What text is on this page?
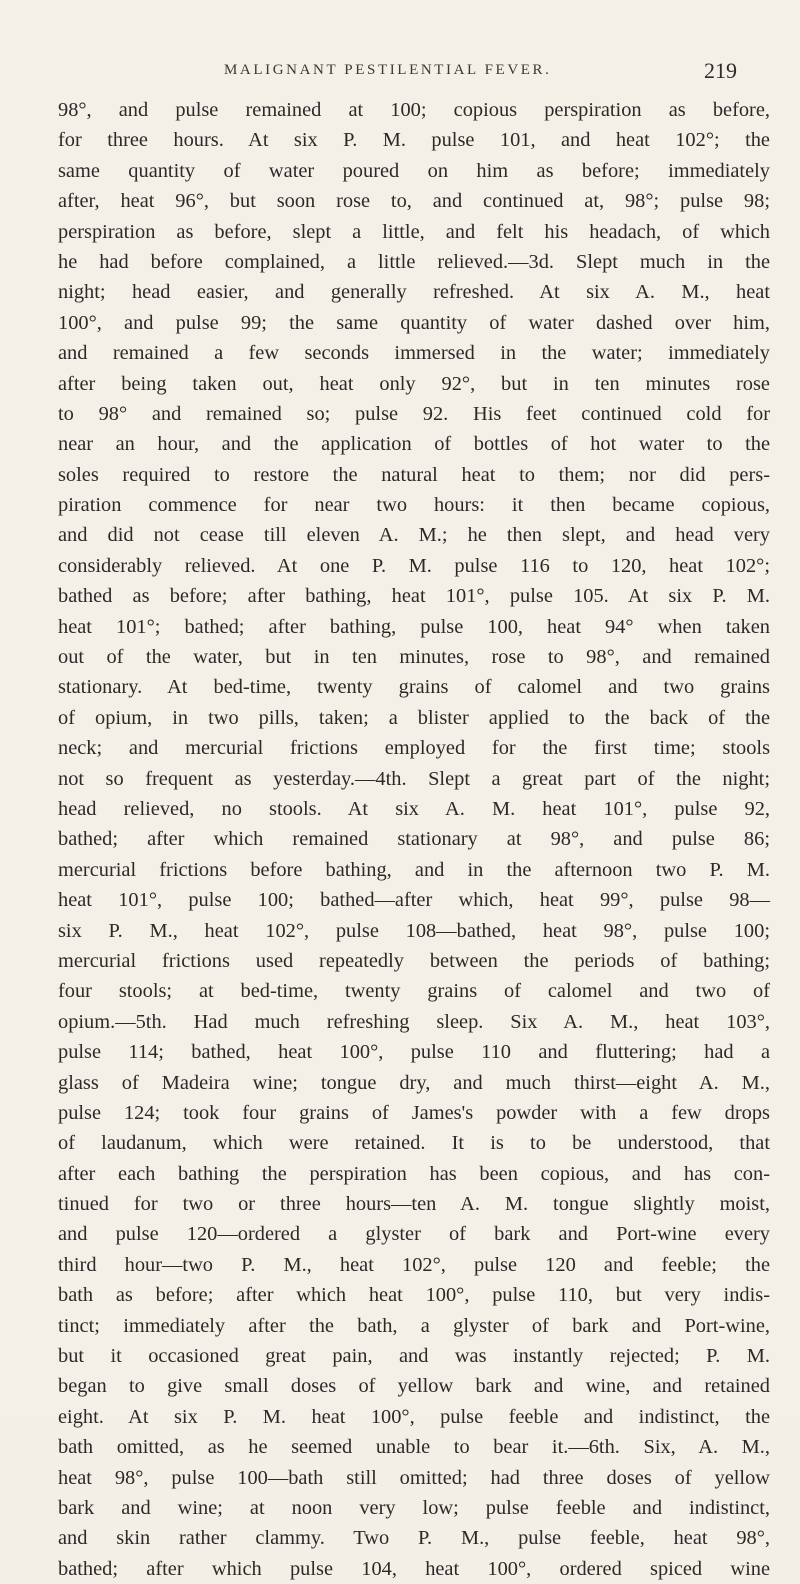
MALIGNANT PESTILENTIAL FEVER.	219
98°, and pulse remained at 100; copious perspiration as before,
for three hours. At six P. M. pulse 101, and heat 102°; the
same quantity of water poured on him as before; immediately
after, heat 96°, but soon rose to, and continued at, 98°; pulse 98;
perspiration as before, slept a little, and felt his headach, of which
he had before complained, a little relieved.—3d. Slept much in the
night; head easier, and generally refreshed. At six A. M., heat
100°, and pulse 99; the same quantity of water dashed over him,
and remained a few seconds immersed in the water; immediately
after being taken out, heat only 92°, but in ten minutes rose
to 98° and remained so; pulse 92. His feet continued cold for
near an hour, and the application of bottles of hot water to the
soles required to restore the natural heat to them; nor did pers-
piration commence for near two hours: it then became copious,
and did not cease till eleven A. M.; he then slept, and head very
considerably relieved. At one P. M. pulse 116 to 120, heat 102°;
bathed as before; after bathing, heat 101°, pulse 105. At six P. M.
heat 101°; bathed; after bathing, pulse 100, heat 94° when taken
out of the water, but in ten minutes, rose to 98°, and remained
stationary. At bed-time, twenty grains of calomel and two grains
of opium, in two pills, taken; a blister applied to the back of the
neck; and mercurial frictions employed for the first time; stools
not so frequent as yesterday.—4th. Slept a great part of the night;
head relieved, no stools. At six A. M. heat 101°, pulse 92,
bathed; after which remained stationary at 98°, and pulse 86;
mercurial frictions before bathing, and in the afternoon two P. M.
heat 101°, pulse 100; bathed—after which, heat 99°, pulse 98—
six P. M., heat 102°, pulse 108—bathed, heat 98°, pulse 100;
mercurial frictions used repeatedly between the periods of bathing;
four stools; at bed-time, twenty grains of calomel and two of
opium.—5th. Had much refreshing sleep. Six A. M., heat 103°,
pulse 114; bathed, heat 100°, pulse 110 and fluttering; had a
glass of Madeira wine; tongue dry, and much thirst—eight A. M.,
pulse 124; took four grains of James's powder with a few drops
of laudanum, which were retained. It is to be understood, that
after each bathing the perspiration has been copious, and has con-
tinued for two or three hours—ten A. M. tongue slightly moist,
and pulse 120—ordered a glyster of bark and Port-wine every
third hour—two P. M., heat 102°, pulse 120 and feeble; the
bath as before; after which heat 100°, pulse 110, but very indis-
tinct; immediately after the bath, a glyster of bark and Port-wine,
but it occasioned great pain, and was instantly rejected; P. M.
began to give small doses of yellow bark and wine, and retained
eight. At six P. M. heat 100°, pulse feeble and indistinct, the
bath omitted, as he seemed unable to bear it.—6th. Six, A. M.,
heat 98°, pulse 100—bath still omitted; had three doses of yellow
bark and wine; at noon very low; pulse feeble and indistinct,
and skin rather clammy. Two P. M., pulse feeble, heat 98°,
bathed; after which pulse 104, heat 100°, ordered spiced wine
